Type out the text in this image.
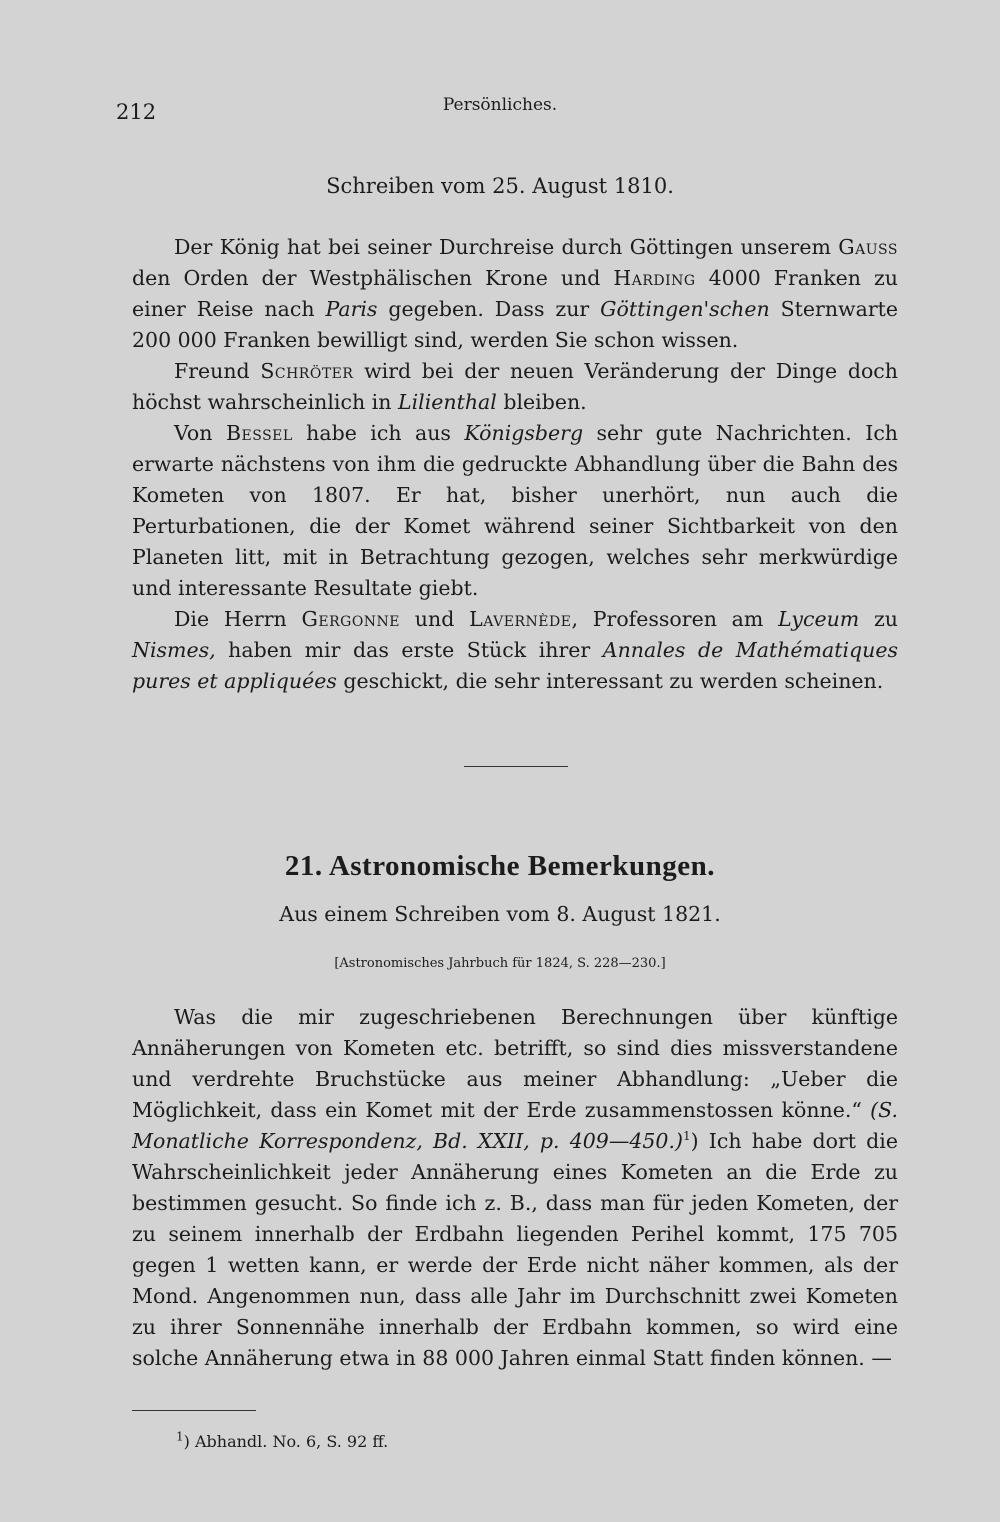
212	Persönliches.
Schreiben vom 25. August 1810.

Der König hat bei seiner Durchreise durch Göttingen unserem Gauss den Orden der Westphälischen Krone und Harding 4000 Franken zu einer Reise nach Paris gegeben. Dass zur Göttingen'schen Sternwarte 200 000 Franken bewilligt sind, werden Sie schon wissen.

Freund Schröter wird bei der neuen Veränderung der Dinge doch höchst wahrscheinlich in Lilienthal bleiben.

Von Bessel habe ich aus Königsberg sehr gute Nachrichten. Ich erwarte nächstens von ihm die gedruckte Abhandlung über die Bahn des Kometen von 1807. Er hat, bisher unerhört, nun auch die Perturbationen, die der Komet während seiner Sichtbarkeit von den Planeten litt, mit in Betrachtung gezogen, welches sehr merkwürdige und interessante Resultate giebt.

Die Herrn Gergonne und Lavernède, Professoren am Lyceum zu Nismes, haben mir das erste Stück ihrer Annales de Mathématiques pures et appliquées geschickt, die sehr interessant zu werden scheinen.

21. Astronomische Bemerkungen.
Aus einem Schreiben vom 8. August 1821.
[Astronomisches Jahrbuch für 1824, S. 228—230.]

Was die mir zugeschriebenen Berechnungen über künftige Annäherungen von Kometen etc. betrifft, so sind dies missverstandene und verdrehte Bruchstücke aus meiner Abhandlung: „Ueber die Möglichkeit, dass ein Komet mit der Erde zusammenstossen könne.“ (S. Monatliche Korrespondenz, Bd. XXII, p. 409—450.)$^1$) Ich habe dort die Wahrscheinlichkeit jeder Annäherung eines Kometen an die Erde zu bestimmen gesucht. So finde ich z. B., dass man für jeden Kometen, der zu seinem innerhalb der Erdbahn liegenden Perihel kommt, 175 705 gegen 1 wetten kann, er werde der Erde nicht näher kommen, als der Mond. Angenommen nun, dass alle Jahr im Durchschnitt zwei Kometen zu ihrer Sonnennähe innerhalb der Erdbahn kommen, so wird eine solche Annäherung etwa in 88 000 Jahren einmal Statt finden können. —

$^1$) Abhandl. No. 6, S. 92 ff.
